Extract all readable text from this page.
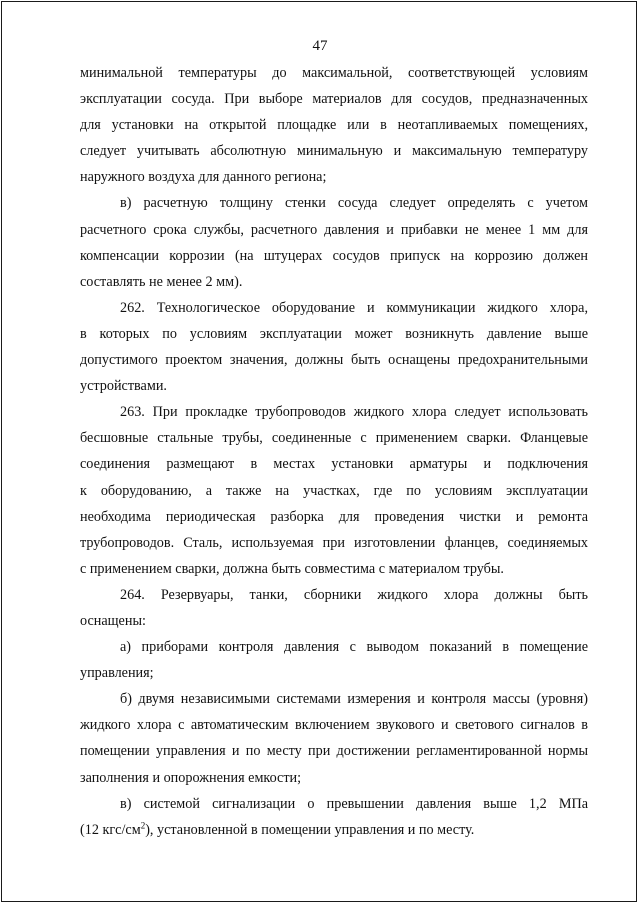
47
минимальной температуры до максимальной, соответствующей условиям
эксплуатации сосуда. При выборе материалов для сосудов, предназначенных
для установки на открытой площадке или в неотапливаемых помещениях,
следует учитывать абсолютную минимальную и максимальную температуру
наружного воздуха для данного региона;
в) расчетную толщину стенки сосуда следует определять с учетом
расчетного срока службы, расчетного давления и прибавки не менее 1 мм для
компенсации коррозии (на штуцерах сосудов припуск на коррозию должен
составлять не менее 2 мм).
262. Технологическое оборудование и коммуникации жидкого хлора,
в которых по условиям эксплуатации может возникнуть давление выше
допустимого проектом значения, должны быть оснащены предохранительными
устройствами.
263. При прокладке трубопроводов жидкого хлора следует использовать
бесшовные стальные трубы, соединенные с применением сварки. Фланцевые
соединения размещают в местах установки арматуры и подключения
к оборудованию, а также на участках, где по условиям эксплуатации
необходима периодическая разборка для проведения чистки и ремонта
трубопроводов. Сталь, используемая при изготовлении фланцев, соединяемых
с применением сварки, должна быть совместима с материалом трубы.
264. Резервуары, танки, сборники жидкого хлора должны быть
оснащены:
а) приборами контроля давления с выводом показаний в помещение
управления;
б) двумя независимыми системами измерения и контроля массы (уровня)
жидкого хлора с автоматическим включением звукового и светового сигналов в
помещении управления и по месту при достижении регламентированной нормы
заполнения и опорожнения емкости;
в) системой сигнализации о превышении давления выше 1,2 МПа
(12 кгс/$см^2$), установленной в помещении управления и по месту.
